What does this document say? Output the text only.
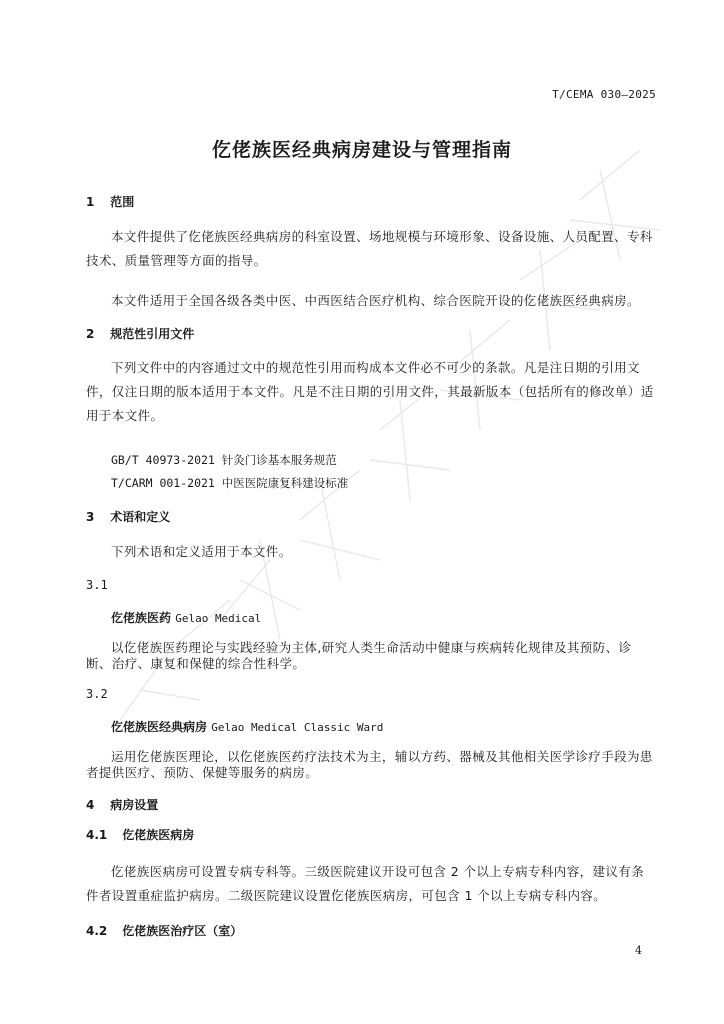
T/CEMA 030—2025
仡佬族医经典病房建设与管理指南
1 范围
本文件提供了仡佬族医经典病房的科室设置、场地规模与环境形象、设备设施、人员配置、专科技术、质量管理等方面的指导。
本文件适用于全国各级各类中医、中西医结合医疗机构、综合医院开设的仡佬族医经典病房。
2 规范性引用文件
下列文件中的内容通过文中的规范性引用而构成本文件必不可少的条款。凡是注日期的引用文件，仅注日期的版本适用于本文件。凡是不注日期的引用文件，其最新版本（包括所有的修改单）适用于本文件。
GB/T 40973-2021 针灸门诊基本服务规范
T/CARM 001-2021 中医医院康复科建设标准
3 术语和定义
下列术语和定义适用于本文件。
3.1
仡佬族医药 Gelao Medical
以仡佬族医药理论与实践经验为主体,研究人类生命活动中健康与疾病转化规律及其预防、诊断、治疗、康复和保健的综合性科学。
3.2
仡佬族医经典病房 Gelao Medical Classic Ward
运用仡佬族医理论，以仡佬族医药疗法技术为主，辅以方药、器械及其他相关医学诊疗手段为患者提供医疗、预防、保健等服务的病房。
4 病房设置
4.1 仡佬族医病房
仡佬族医病房可设置专病专科等。三级医院建议开设可包含 2 个以上专病专科内容，建议有条件者设置重症监护病房。二级医院建议设置仡佬族医病房，可包含 1 个以上专病专科内容。
4.2 仡佬族医治疗区（室）
4
